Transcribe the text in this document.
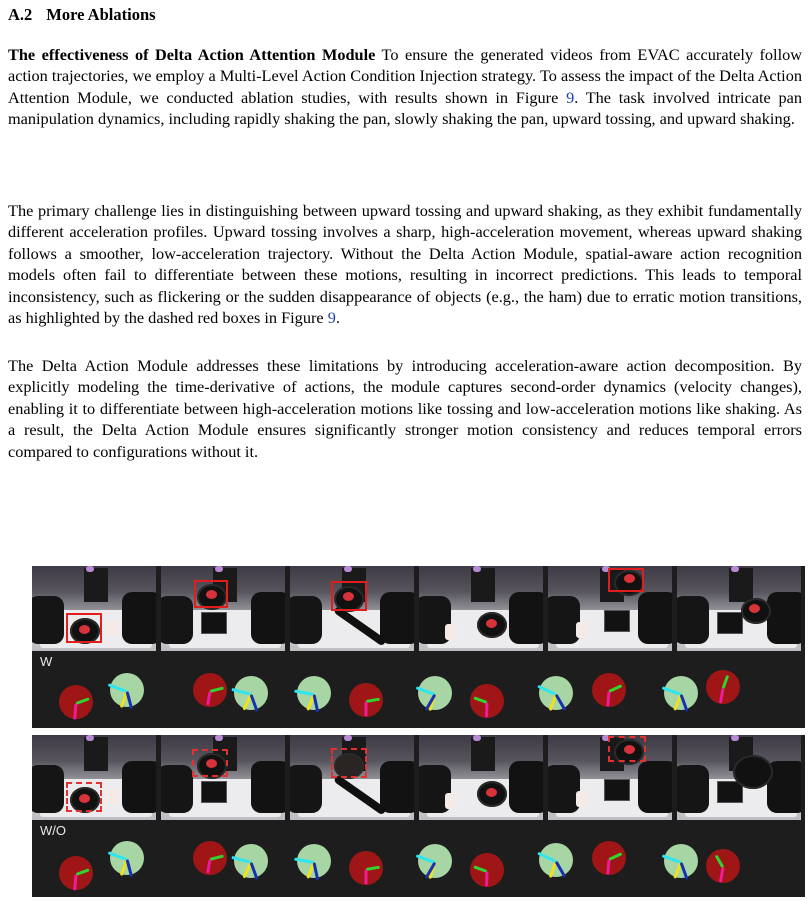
A.2 More Ablations

The effectiveness of Delta Action Attention Module To ensure the generated videos from EVAC accurately follow action trajectories, we employ a Multi-Level Action Condition Injection strategy. To assess the impact of the Delta Action Attention Module, we conducted ablation studies, with results shown in Figure 9. The task involved intricate pan manipulation dynamics, including rapidly shaking the pan, slowly shaking the pan, upward tossing, and upward shaking.

The primary challenge lies in distinguishing between upward tossing and upward shaking, as they exhibit fundamentally different acceleration profiles. Upward tossing involves a sharp, high-acceleration movement, whereas upward shaking follows a smoother, low-acceleration trajectory. Without the Delta Action Module, spatial-aware action recognition models often fail to differentiate between these motions, resulting in incorrect predictions. This leads to temporal inconsistency, such as flickering or the sudden disappearance of objects (e.g., the ham) due to erratic motion transitions, as highlighted by the dashed red boxes in Figure 9.

The Delta Action Module addresses these limitations by introducing acceleration-aware action decomposition. By explicitly modeling the time-derivative of actions, the module captures second-order dynamics (velocity changes), enabling it to differentiate between high-acceleration motions like tossing and low-acceleration motions like shaking. As a result, the Delta Action Module ensures significantly stronger motion consistency and reduces temporal errors compared to configurations without it.

W
W/O
